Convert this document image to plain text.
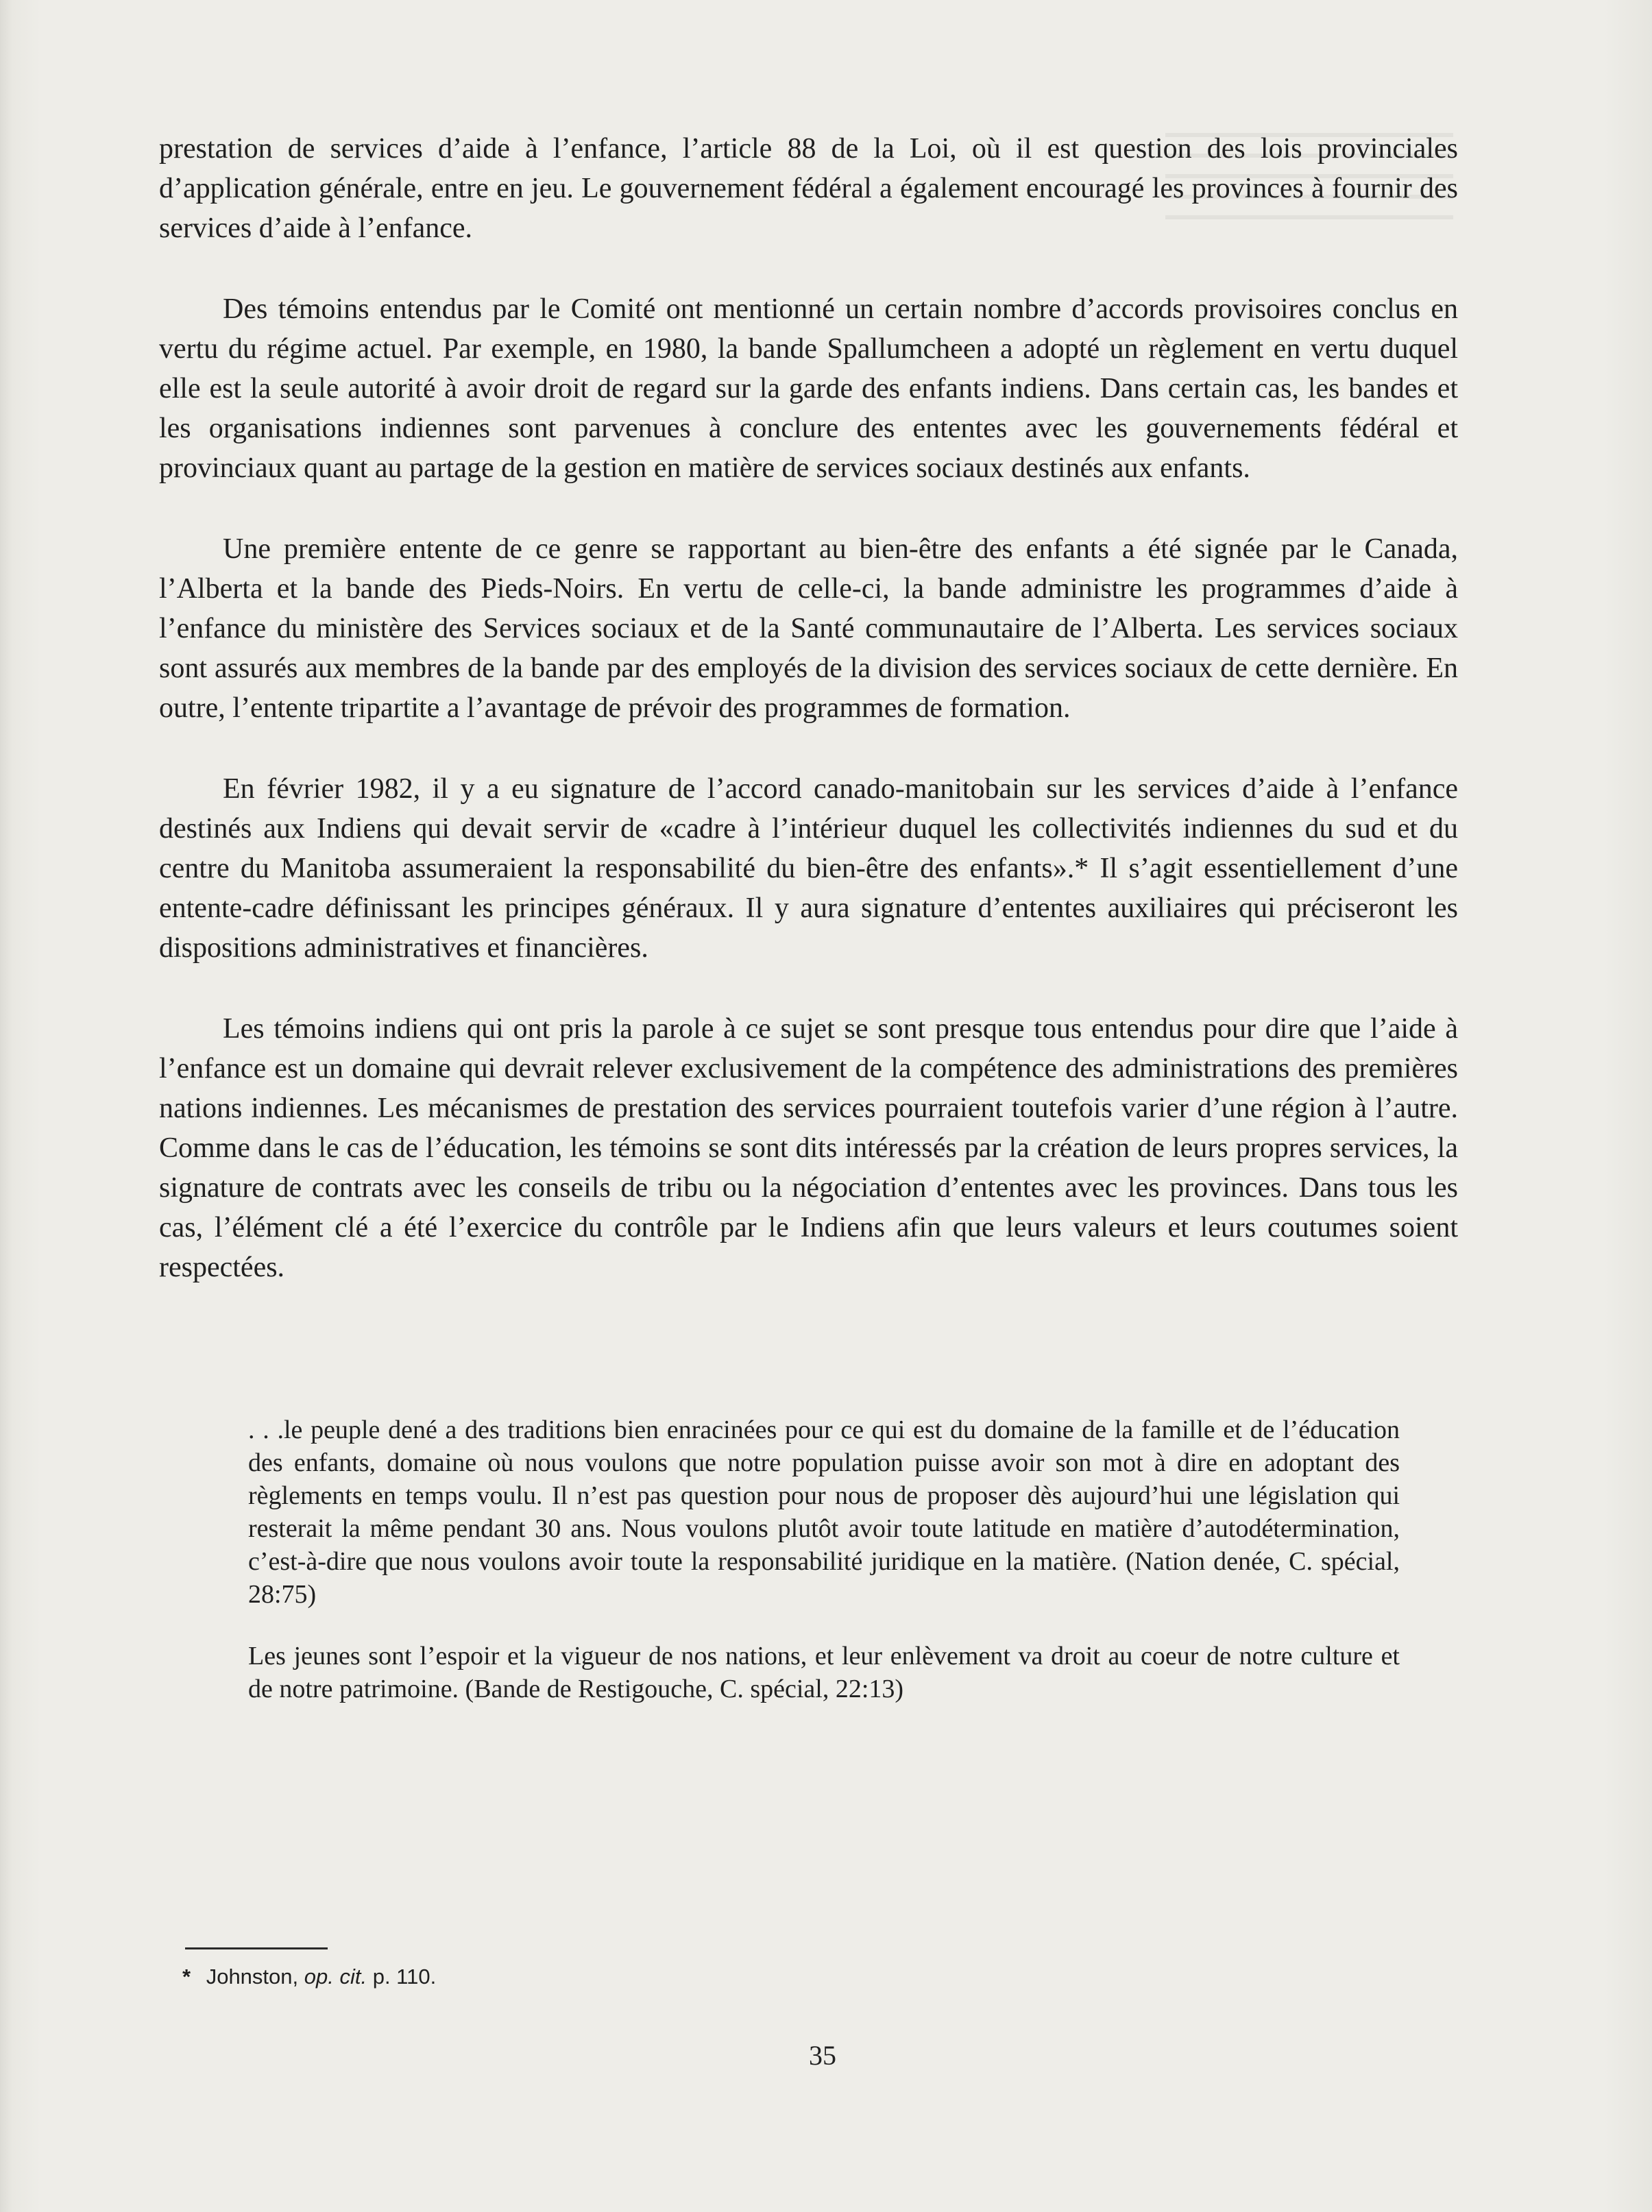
prestation de services d’aide à l’enfance, l’article 88 de la Loi, où il est question des lois provinciales d’application générale, entre en jeu. Le gouvernement fédéral a également encouragé les provinces à fournir des services d’aide à l’enfance.

Des témoins entendus par le Comité ont mentionné un certain nombre d’accords provisoires conclus en vertu du régime actuel. Par exemple, en 1980, la bande Spallumcheen a adopté un règlement en vertu duquel elle est la seule autorité à avoir droit de regard sur la garde des enfants indiens. Dans certain cas, les bandes et les organisations indiennes sont parvenues à conclure des ententes avec les gouvernements fédéral et provinciaux quant au partage de la gestion en matière de services sociaux destinés aux enfants.

Une première entente de ce genre se rapportant au bien-être des enfants a été signée par le Canada, l’Alberta et la bande des Pieds-Noirs. En vertu de celle-ci, la bande administre les programmes d’aide à l’enfance du ministère des Services sociaux et de la Santé communautaire de l’Alberta. Les services sociaux sont assurés aux membres de la bande par des employés de la division des services sociaux de cette dernière. En outre, l’entente tripartite a l’avantage de prévoir des programmes de formation.

En février 1982, il y a eu signature de l’accord canado-manitobain sur les services d’aide à l’enfance destinés aux Indiens qui devait servir de «cadre à l’intérieur duquel les collectivités indiennes du sud et du centre du Manitoba assumeraient la responsabilité du bien-être des enfants».* Il s’agit essentiellement d’une entente-cadre définissant les principes généraux. Il y aura signature d’ententes auxiliaires qui préciseront les dispositions administratives et financières.

Les témoins indiens qui ont pris la parole à ce sujet se sont presque tous entendus pour dire que l’aide à l’enfance est un domaine qui devrait relever exclusivement de la compétence des administrations des premières nations indiennes. Les mécanismes de prestation des services pourraient toutefois varier d’une région à l’autre. Comme dans le cas de l’éducation, les témoins se sont dits intéressés par la création de leurs propres services, la signature de contrats avec les conseils de tribu ou la négociation d’ententes avec les provinces. Dans tous les cas, l’élément clé a été l’exercice du contrôle par le Indiens afin que leurs valeurs et leurs coutumes soient respectées.

. . .le peuple dené a des traditions bien enracinées pour ce qui est du domaine de la famille et de l’éducation des enfants, domaine où nous voulons que notre population puisse avoir son mot à dire en adoptant des règlements en temps voulu. Il n’est pas question pour nous de proposer dès aujourd’hui une législation qui resterait la même pendant 30 ans. Nous voulons plutôt avoir toute latitude en matière d’autodétermination, c’est-à-dire que nous voulons avoir toute la responsabilité juridique en la matière. (Nation denée, C. spécial, 28:75)

Les jeunes sont l’espoir et la vigueur de nos nations, et leur enlèvement va droit au coeur de notre culture et de notre patrimoine. (Bande de Restigouche, C. spécial, 22:13)

* Johnston, op. cit. p. 110.
35
